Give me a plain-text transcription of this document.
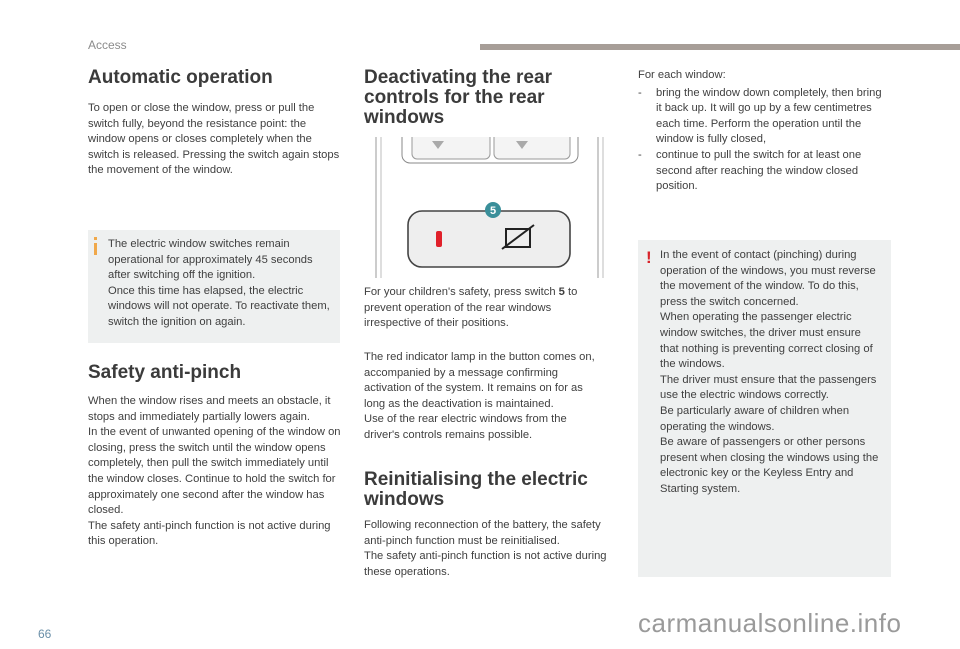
Access
Automatic operation

To open or close the window, press or pull the switch fully, beyond the resistance point: the window opens or closes completely when the switch is released. Pressing the switch again stops the movement of the window.

The electric window switches remain operational for approximately 45 seconds after switching off the ignition.
Once this time has elapsed, the electric windows will not operate. To reactivate them, switch the ignition on again.

Safety anti-pinch

When the window rises and meets an obstacle, it stops and immediately partially lowers again.
In the event of unwanted opening of the window on closing, press the switch until the window opens completely, then pull the switch immediately until the window closes. Continue to hold the switch for approximately one second after the window has closed.
The safety anti-pinch function is not active during this operation.

Deactivating the rear controls for the rear windows
5

For your children's safety, press switch 5 to prevent operation of the rear windows irrespective of their positions.

The red indicator lamp in the button comes on, accompanied by a message confirming activation of the system. It remains on for as long as the deactivation is maintained.
Use of the rear electric windows from the driver's controls remains possible.

Reinitialising the electric windows

Following reconnection of the battery, the safety anti-pinch function must be reinitialised.
The safety anti-pinch function is not active during these operations.

For each window:
- bring the window down completely, then bring it back up. It will go up by a few centimetres each time. Perform the operation until the window is fully closed,
- continue to pull the switch for at least one second after reaching the window closed position.
! In the event of contact (pinching) during operation of the windows, you must reverse the movement of the window. To do this, press the switch concerned.
When operating the passenger electric window switches, the driver must ensure that nothing is preventing correct closing of the windows.
The driver must ensure that the passengers use the electric windows correctly.
Be particularly aware of children when operating the windows.
Be aware of passengers or other persons present when closing the windows using the electronic key or the Keyless Entry and Starting system.

66	carmanualsonline.info
